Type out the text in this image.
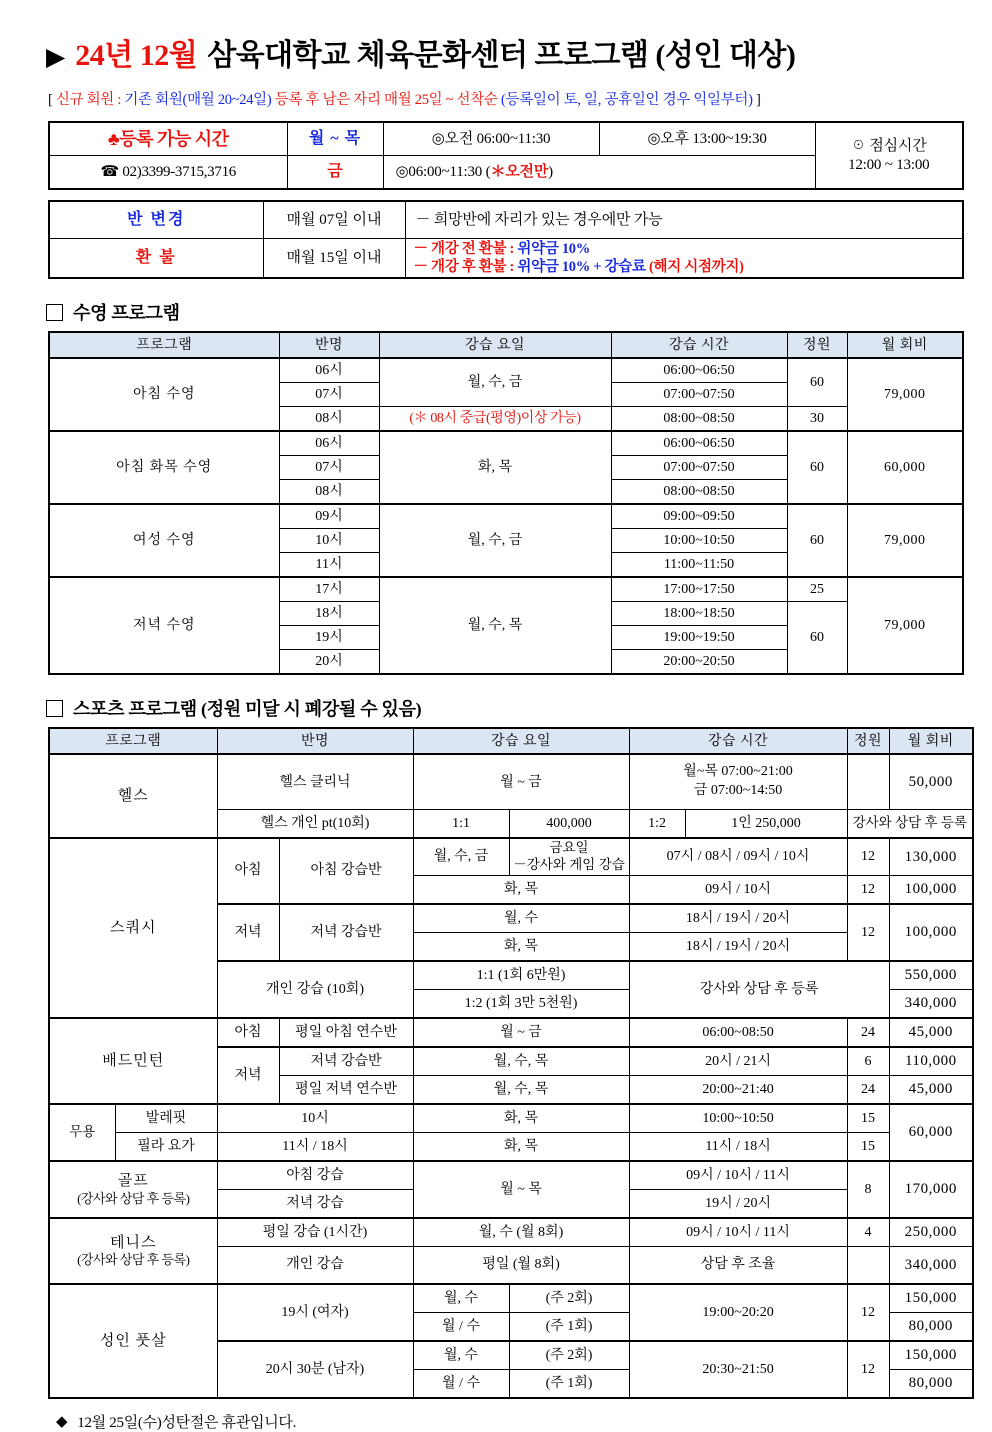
▶ 24년 12월 삼육대학교 체육문화센터 프로그램 (성인 대상)
[ 신규 회원 : 기존 회원(매월 20~24일) 등록 후 남은 자리 매월 25일 ~ 선착순 (등록일이 토, 일, 공휴일인 경우 익일부터) ]
♣등록 가능 시간	월 ~ 목	◎오전 06:00~11:30	◎오후 13:00~19:30	☉ 점심시간
12:00 ~ 13:00

☎ 02)3399-3715,3716	금	◎06:00~11:30 (＊오전만)		
반 변경	매월 07일 이내	－ 희망반에 자리가 있는 경우에만 가능
환 불	매월 15일 이내	－ 개강 전 환불 : 위약금 10%
－ 개강 후 환불 : 위약금 10% + 강습료 (해지 시점까지)
수영 프로그램
프로그램	반명	강습 요일	강습 시간	정원	월 회비
아침 수영	06시	월, 수, 금	06:00~06:50	60	79,000
	07시		07:00~07:50		
	08시	(＊ 08시 중급(평영)이상 가능)	08:00~08:50	30	
아침 화목 수영	06시	화, 목	06:00~06:50	60	60,000
	07시		07:00~07:50		
	08시		08:00~08:50		
여성 수영	09시	월, 수, 금	09:00~09:50	60	79,000
	10시		10:00~10:50		
	11시		11:00~11:50		
저녁 수영	17시	월, 수, 목	17:00~17:50	25	79,000
	18시		18:00~18:50	60	
	19시		19:00~19:50		
	20시		20:00~20:50		
스포츠 프로그램 (정원 미달 시 폐강될 수 있음)
프로그램		반명		강습 요일		강습 시간		정원	월 회비
헬스		헬스 클리닉		월 ~ 금		월~목 07:00~21:00
금 07:00~14:50			50,000
		헬스 개인 pt(10회)		1:1	400,000	1:2	1인 250,000	강사와 상담 후 등록	
스쿼시		아침	아침 강습반	월, 수, 금	금요일
－강사와 게임 강습	07시 / 08시 / 09시 / 10시		12	130,000
				화, 목		09시 / 10시		12	100,000
		저녁	저녁 강습반	월, 수		18시 / 19시 / 20시		12	100,000
				화, 목		18시 / 19시 / 20시			
		개인 강습 (10회)		1:1 (1회 6만원)		강사와 상담 후 등록			550,000
				1:2 (1회 3만 5천원)					340,000
배드민턴		아침	평일 아침 연수반	월 ~ 금		06:00~08:50		24	45,000
		저녁	저녁 강습반	월, 수, 목		20시 / 21시		6	110,000
			평일 저녁 연수반	월, 수, 목		20:00~21:40		24	45,000
무용	발레핏	10시		화, 목		10:00~10:50		15	60,000
	필라 요가	11시 / 18시		화, 목		11시 / 18시		15	
골프
(강사와 상담 후 등록)		아침 강습		월 ~ 목		09시 / 10시 / 11시		8	170,000
		저녁 강습				19시 / 20시			
테니스
(강사와 상담 후 등록)		평일 강습 (1시간)		월, 수 (월 8회)		09시 / 10시 / 11시		4	250,000
		개인 강습		평일 (월 8회)		상담 후 조율			340,000
성인 풋살		19시 (여자)		월, 수	(주 2회)	19:00~20:20		12	150,000
				월 / 수	(주 1회)				80,000
		20시 30분 (남자)		월, 수	(주 2회)	20:30~21:50		12	150,000
				월 / 수	(주 1회)				80,000
◆ 12월 25일(수)성탄절은 휴관입니다.
